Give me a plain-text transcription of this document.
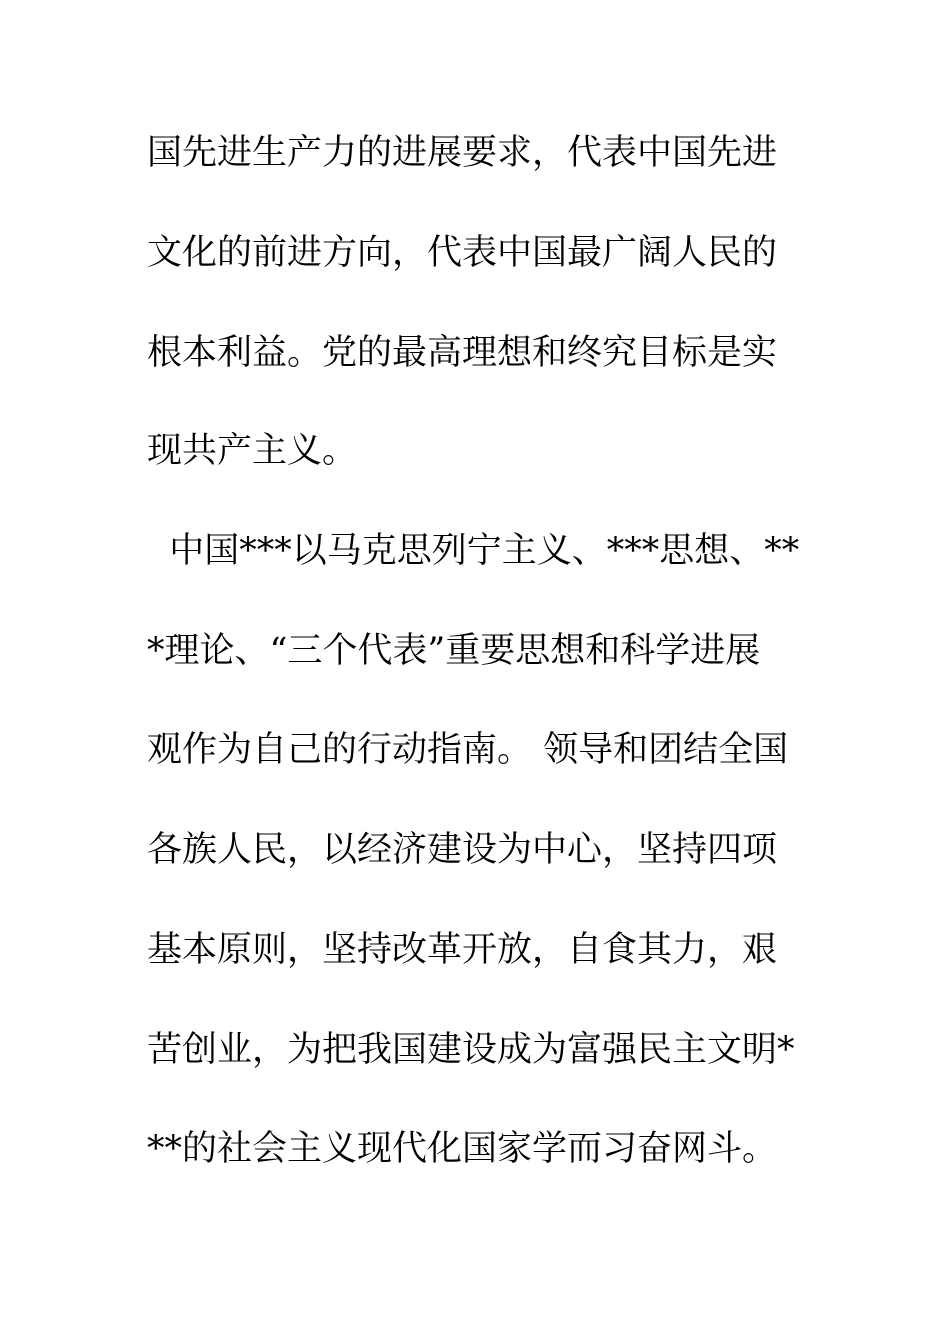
国先进生产力的进展要求，代表中国先进
文化的前进方向，代表中国最广阔人民的
根本利益。党的最高理想和终究目标是实
现共产主义。
中国***以马克思列宁主义、***思想、**
*理论、“三个代表”重要思想和科学进展
观作为自己的行动指南。 领导和团结全国
各族人民，以经济建设为中心，坚持四项
基本原则，坚持改革开放，自食其力，艰
苦创业，为把我国建设成为富强民主文明*
**的社会主义现代化国家学而习奋网斗。
